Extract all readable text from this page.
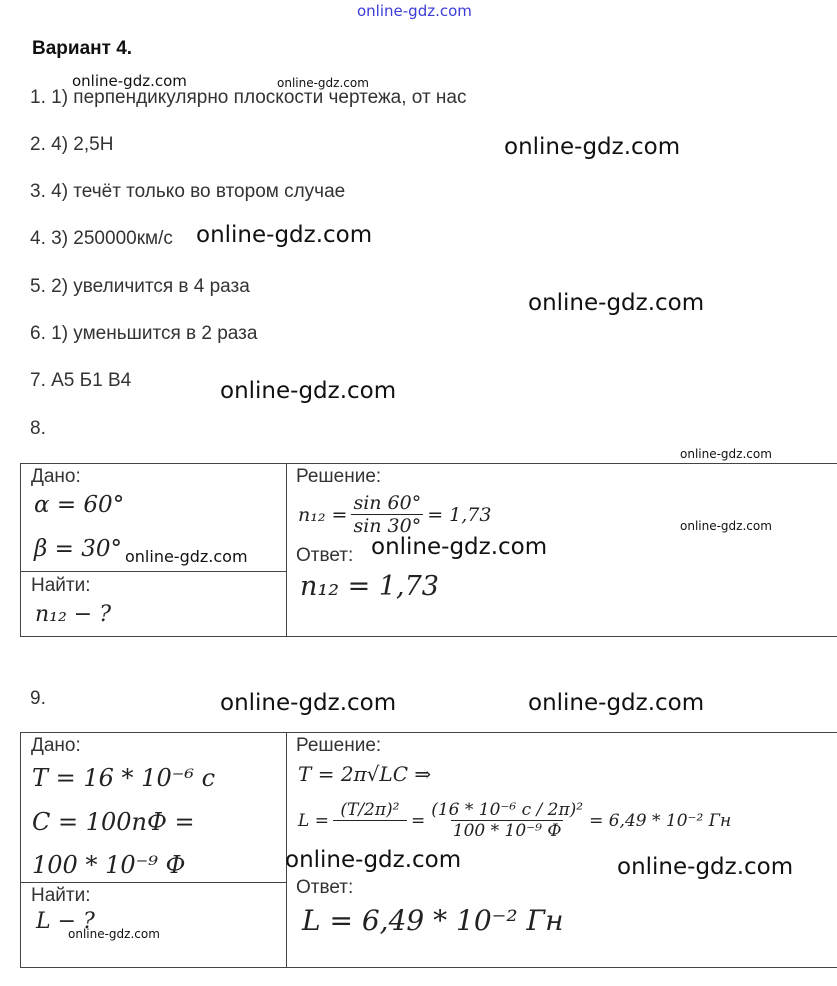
online-gdz.com
Вариант 4.
1. 1) перпендикулярно плоскости чертежа, от нас
2. 4) 2,5Н
3. 4) течёт только во втором случае
4. 3) 250000км/с
5. 2) увеличится в 4 раза
6. 1) уменьшится в 2 раза
7. А5 Б1 В4
8.
Дано:
α = 60°
β = 30°
Найти:
n₁₂ − ?
Решение:
$n_{12} = \frac{\sin 60^\circ}{\sin 30^\circ} = 1,73$
Ответ:
n₁₂ = 1,73
9.
Дано:
T = 16 * 10⁻⁶ c
C = 100nФ =
100 * 10⁻⁹ Ф
Найти:
L − ?
Решение:
T = 2π√LC ⇒
L =
(T/2π)²
= $\frac{\text{(16 * 10⁻⁶ c / 2π)²}}{\text{100 * 10⁻⁹ Ф}} = 6,49 * 10^{-2}$ Гн
Ответ:
L = 6,49 * 10⁻² Гн
online-gdz.com	online-gdz.com
online-gdz.com
online-gdz.com
online-gdz.com
online-gdz.com
online-gdz.com
online-gdz.com
online-gdz.com
online-gdz.com
online-gdz.com	online-gdz.com
online-gdz.com	online-gdz.com
online-gdz.com
